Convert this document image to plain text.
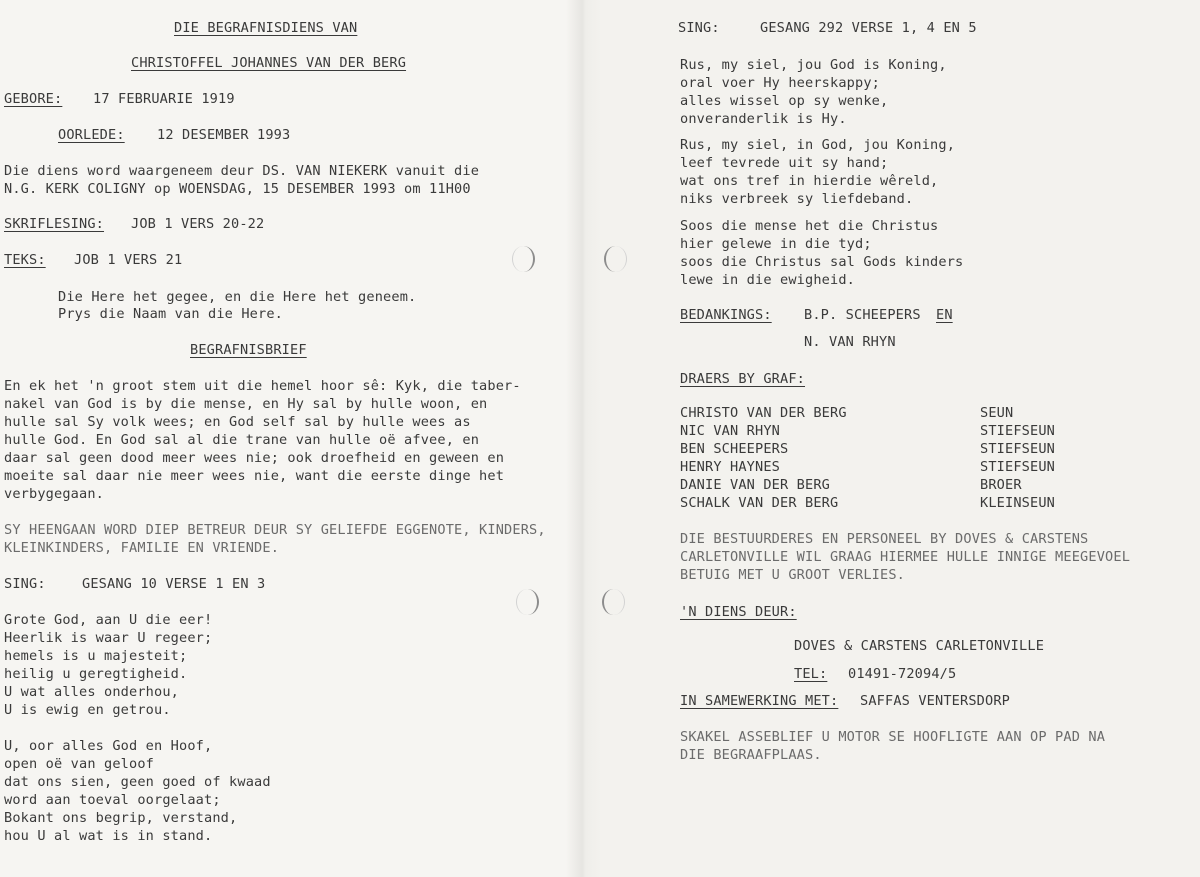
DIE BEGRAFNISDIENS VAN
CHRISTOFFEL JOHANNES VAN DER BERG
GEBORE: 17 FEBRUARIE 1919
OORLEDE: 12 DESEMBER 1993
Die diens word waargeneem deur DS. VAN NIEKERK vanuit die
N.G. KERK COLIGNY op WOENSDAG, 15 DESEMBER 1993 om 11H00
SKRIFLESING: JOB 1 VERS 20-22
TEKS: JOB 1 VERS 21
Die Here het gegee, en die Here het geneem.
Prys die Naam van die Here.
BEGRAFNISBRIEF
En ek het 'n groot stem uit die hemel hoor sê: Kyk, die taber-
nakel van God is by die mense, en Hy sal by hulle woon, en
hulle sal Sy volk wees; en God self sal by hulle wees as
hulle God. En God sal al die trane van hulle oë afvee, en
daar sal geen dood meer wees nie; ook droefheid en geween en
moeite sal daar nie meer wees nie, want die eerste dinge het
verbygegaan.
SY HEENGAAN WORD DIEP BETREUR DEUR SY GELIEFDE EGGENOTE, KINDERS,
KLEINKINDERS, FAMILIE EN VRIENDE.
SING:	GESANG 10 VERSE 1 EN 3
Grote God, aan U die eer!
Heerlik is waar U regeer;
hemels is u majesteit;
heilig u geregtigheid.
U wat alles onderhou,
U is ewig en getrou.
U, oor alles God en Hoof,
open oë van geloof
dat ons sien, geen goed of kwaad
word aan toeval oorgelaat;
Bokant ons begrip, verstand,
hou U al wat is in stand.
SING:	GESANG 292 VERSE 1, 4 EN 5
Rus, my siel, jou God is Koning,
oral voer Hy heerskappy;
alles wissel op sy wenke,
onveranderlik is Hy.
Rus, my siel, in God, jou Koning,
leef tevrede uit sy hand;
wat ons tref in hierdie wêreld,
niks verbreek sy liefdeband.
Soos die mense het die Christus
hier gelewe in die tyd;
soos die Christus sal Gods kinders
lewe in die ewigheid.
BEDANKINGS: B.P. SCHEEPERS EN
N. VAN RHYN
DRAERS BY GRAF:
CHRISTO VAN DER BERG	SEUN
NIC VAN RHYN	STIEFSEUN
BEN SCHEEPERS	STIEFSEUN
HENRY HAYNES	STIEFSEUN
DANIE VAN DER BERG	BROER
SCHALK VAN DER BERG	KLEINSEUN
DIE BESTUURDERES EN PERSONEEL BY DOVES & CARSTENS
CARLETONVILLE WIL GRAAG HIERMEE HULLE INNIGE MEEGEVOEL
BETUIG MET U GROOT VERLIES.
'N DIENS DEUR:
DOVES & CARSTENS CARLETONVILLE
TEL: 01491-72094/5
IN SAMEWERKING MET: SAFFAS VENTERSDORP
SKAKEL ASSEBLIEF U MOTOR SE HOOFLIGTE AAN OP PAD NA
DIE BEGRAAFPLAAS.
